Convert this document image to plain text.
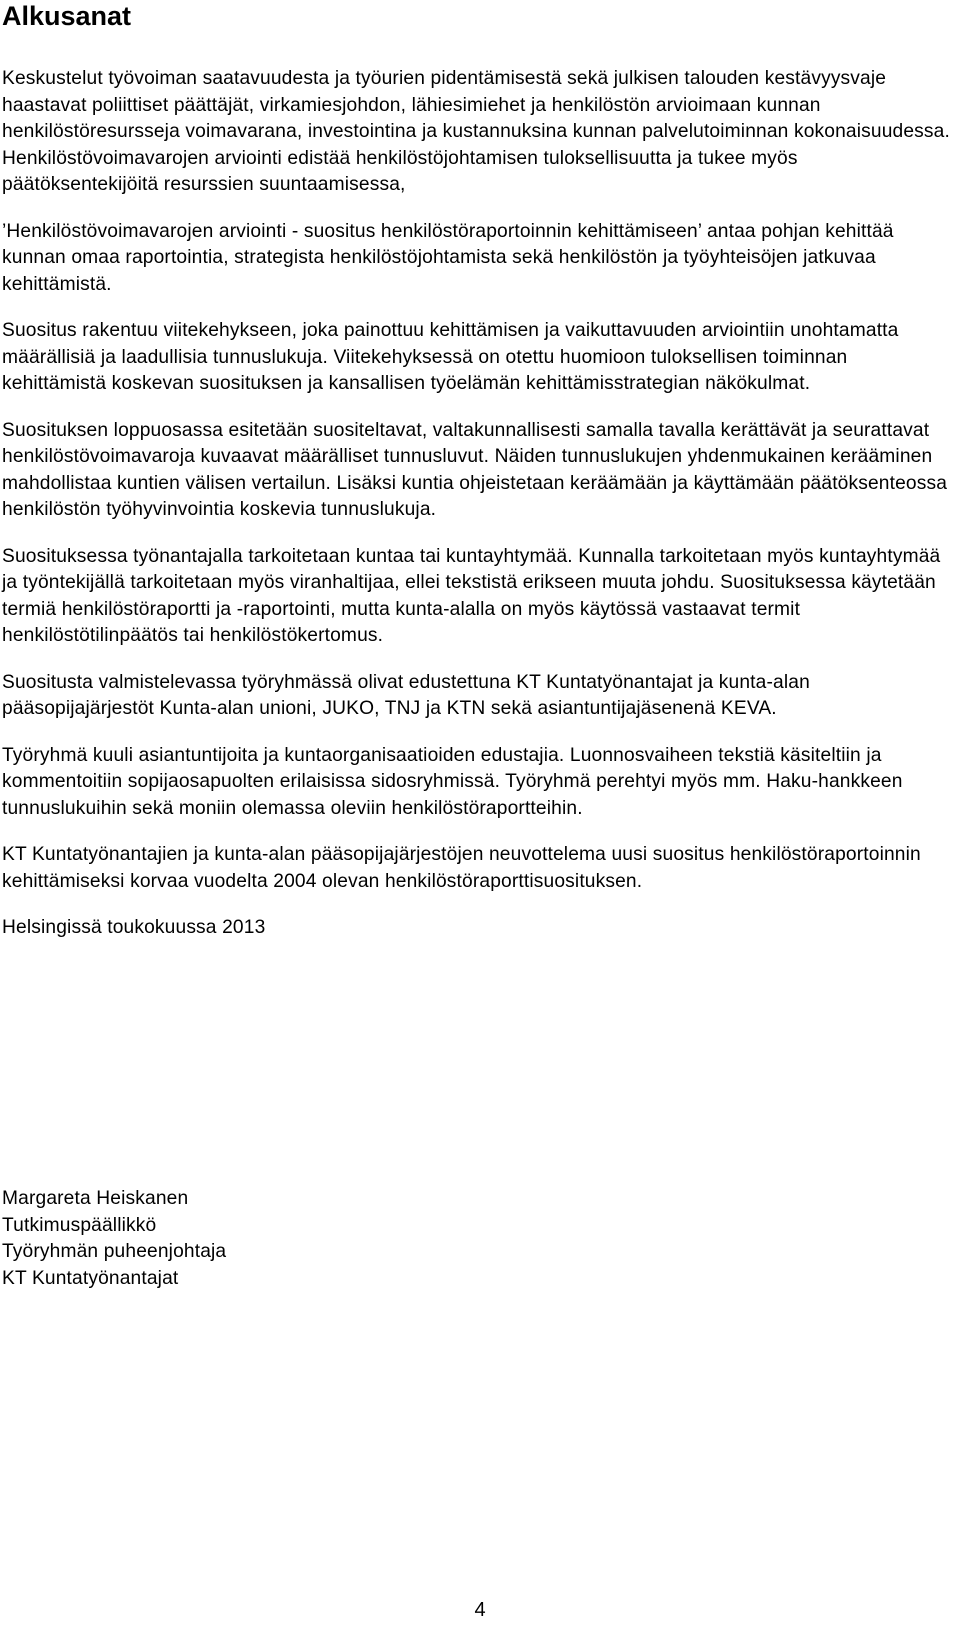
Alkusanat

Keskustelut työvoiman saatavuudesta ja työurien pidentämisestä sekä julkisen talouden kestävyysvaje haastavat poliittiset päättäjät, virkamiesjohdon, lähiesimiehet ja henkilöstön arvioimaan kunnan henkilöstöresursseja voimavarana, investointina ja kustannuksina kunnan palvelutoiminnan kokonaisuudessa. Henkilöstövoimavarojen arviointi edistää henkilöstöjohtamisen tuloksellisuutta ja tukee myös päätöksentekijöitä resurssien suuntaamisessa,

’Henkilöstövoimavarojen arviointi - suositus henkilöstöraportoinnin kehittämiseen’ antaa pohjan kehittää kunnan omaa raportointia, strategista henkilöstöjohtamista sekä henkilöstön ja työyhteisöjen jatkuvaa kehittämistä.

Suositus rakentuu viitekehykseen, joka painottuu kehittämisen ja vaikuttavuuden arviointiin unohtamatta määrällisiä ja laadullisia tunnuslukuja. Viitekehyksessä on otettu huomioon tuloksellisen toiminnan kehittämistä koskevan suosituksen ja kansallisen työelämän kehittämisstrategian näkökulmat.

Suosituksen loppuosassa esitetään suositeltavat, valtakunnallisesti samalla tavalla kerättävät ja seurattavat henkilöstövoimavaroja kuvaavat määrälliset tunnusluvut. Näiden tunnuslukujen yhdenmukainen kerääminen mahdollistaa kuntien välisen vertailun. Lisäksi kuntia ohjeistetaan keräämään ja käyttämään päätöksenteossa henkilöstön työhyvinvointia koskevia tunnuslukuja.

Suosituksessa työnantajalla tarkoitetaan kuntaa tai kuntayhtymää. Kunnalla tarkoitetaan myös kuntayhtymää ja työntekijällä tarkoitetaan myös viranhaltijaa, ellei tekstistä erikseen muuta johdu. Suosituksessa käytetään termiä henkilöstöraportti ja -raportointi, mutta kunta-alalla on myös käytössä vastaavat termit henkilöstötilinpäätös tai henkilöstökertomus.

Suositusta valmistelevassa työryhmässä olivat edustettuna KT Kuntatyönantajat ja kunta-alan pääsopijajärjestöt Kunta-alan unioni, JUKO, TNJ ja KTN sekä asiantuntijajäsenenä KEVA.

Työryhmä kuuli asiantuntijoita ja kuntaorganisaatioiden edustajia. Luonnosvaiheen tekstiä käsiteltiin ja kommentoitiin sopijaosapuolten erilaisissa sidosryhmissä. Työryhmä perehtyi myös mm. Haku-hankkeen tunnuslukuihin sekä moniin olemassa oleviin henkilöstöraportteihin.

KT Kuntatyönantajien ja kunta-alan pääsopijajärjestöjen neuvottelema uusi suositus henkilöstöraportoinnin kehittämiseksi korvaa vuodelta 2004 olevan henkilöstöraporttisuosituksen.

Helsingissä toukokuussa 2013

Margareta Heiskanen
Tutkimuspäällikkö
Työryhmän puheenjohtaja
KT Kuntatyönantajat
4
